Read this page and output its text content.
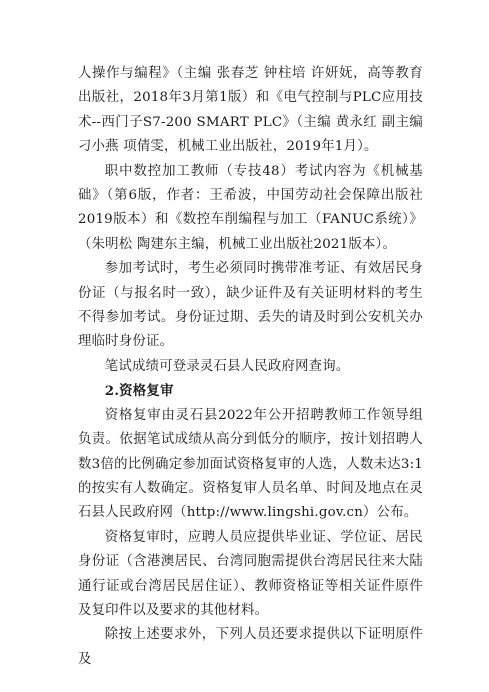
人操作与编程》（主编 张春芝 钟柱培 许妍妩，高等教育出版社，2018年3月第1版）和《电气控制与PLC应用技术--西门子S7-200 SMART PLC》（主编 黄永红 副主编 刁小燕 项倩雯，机械工业出版社，2019年1月）。

职中数控加工教师（专技48）考试内容为《机械基础》（第6版，作者：王希波，中国劳动社会保障出版社2019版本）和《数控车削编程与加工（FANUC系统）》（朱明松 陶建东主编，机械工业出版社2021版本）。

参加考试时，考生必须同时携带准考证、有效居民身份证（与报名时一致），缺少证件及有关证明材料的考生不得参加考试。身份证过期、丢失的请及时到公安机关办理临时身份证。

笔试成绩可登录灵石县人民政府网查询。

2.资格复审

资格复审由灵石县2022年公开招聘教师工作领导组负责。依据笔试成绩从高分到低分的顺序，按计划招聘人数3倍的比例确定参加面试资格复审的人选，人数未达3:1的按实有人数确定。资格复审人员名单、时间及地点在灵石县人民政府网（http://www.lingshi.gov.cn）公布。

资格复审时，应聘人员应提供毕业证、学位证、居民身份证（含港澳居民、台湾同胞需提供台湾居民往来大陆通行证或台湾居民居住证）、教师资格证等相关证件原件及复印件以及要求的其他材料。

除按上述要求外，下列人员还要求提供以下证明原件及
